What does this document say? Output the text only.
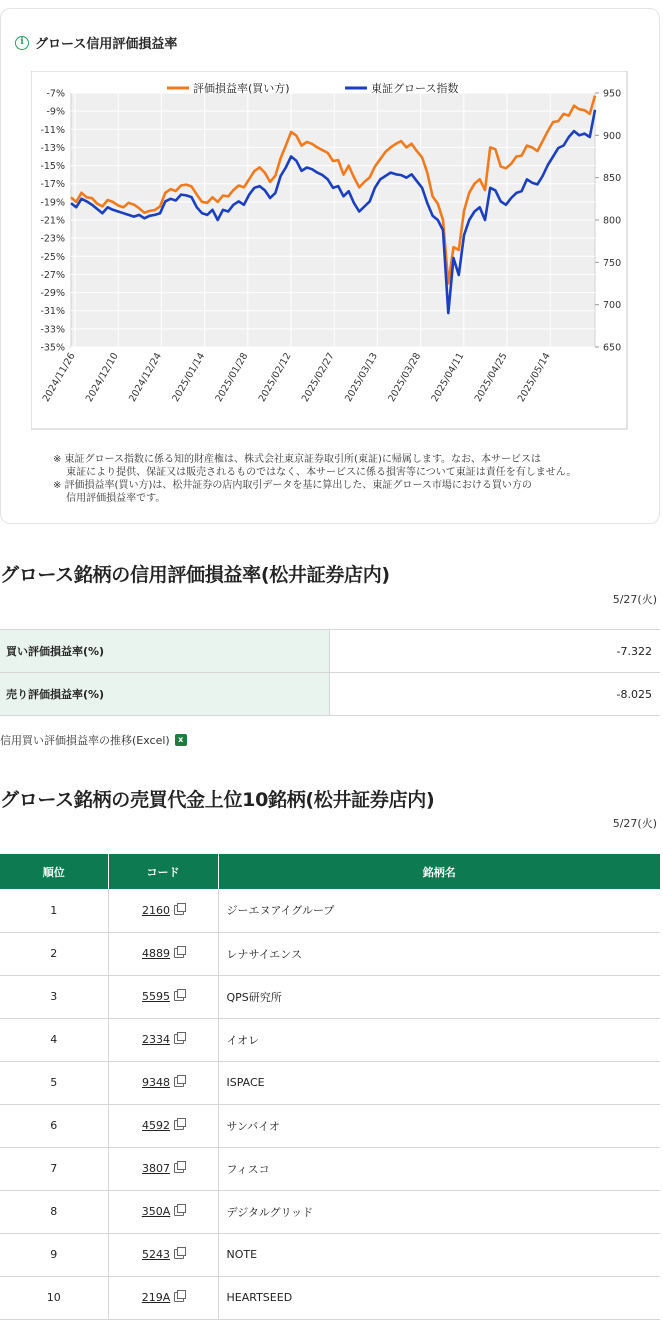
i グロース信用評価損益率
-7%
-9%
-11%
-13%
-15%
-17%
-19%
-21%
-23%
-25%
-27%
-29%
-31%
-33%
-35%
950
900
850
800
750
700
650
2024/11/26 2024/12/10 2024/12/24 2025/01/14 2025/01/28 2025/02/12 2025/02/27 2025/03/13 2025/03/28 2025/04/11 2025/04/25 2025/05/14
評価損益率(買い方)	東証グロース指数
※ 東証グロース指数に係る知的財産権は、株式会社東京証券取引所(東証)に帰属します。なお、本サービスは
　 東証により提供、保証又は販売されるものではなく、本サービスに係る損害等について東証は責任を有しません。
※ 評価損益率(買い方)は、松井証券の店内取引データを基に算出した、東証グロース市場における買い方の
　 信用評価損益率です。
グロース銘柄の信用評価損益率(松井証券店内)
5/27(火)
買い評価損益率(%)	-7.322
売り評価損益率(%)	-8.025
信用買い評価損益率の推移(Excel)	x
グロース銘柄の売買代金上位10銘柄(松井証券店内)
5/27(火)
順位	コード	銘柄名
1	2160	ジーエヌアイグループ
2	4889	レナサイエンス
3	5595	QPS研究所
4	2334	イオレ
5	9348	ISPACE
6	4592	サンバイオ
7	3807	フィスコ
8	350A	デジタルグリッド
9	5243	NOTE
10	219A	HEARTSEED
